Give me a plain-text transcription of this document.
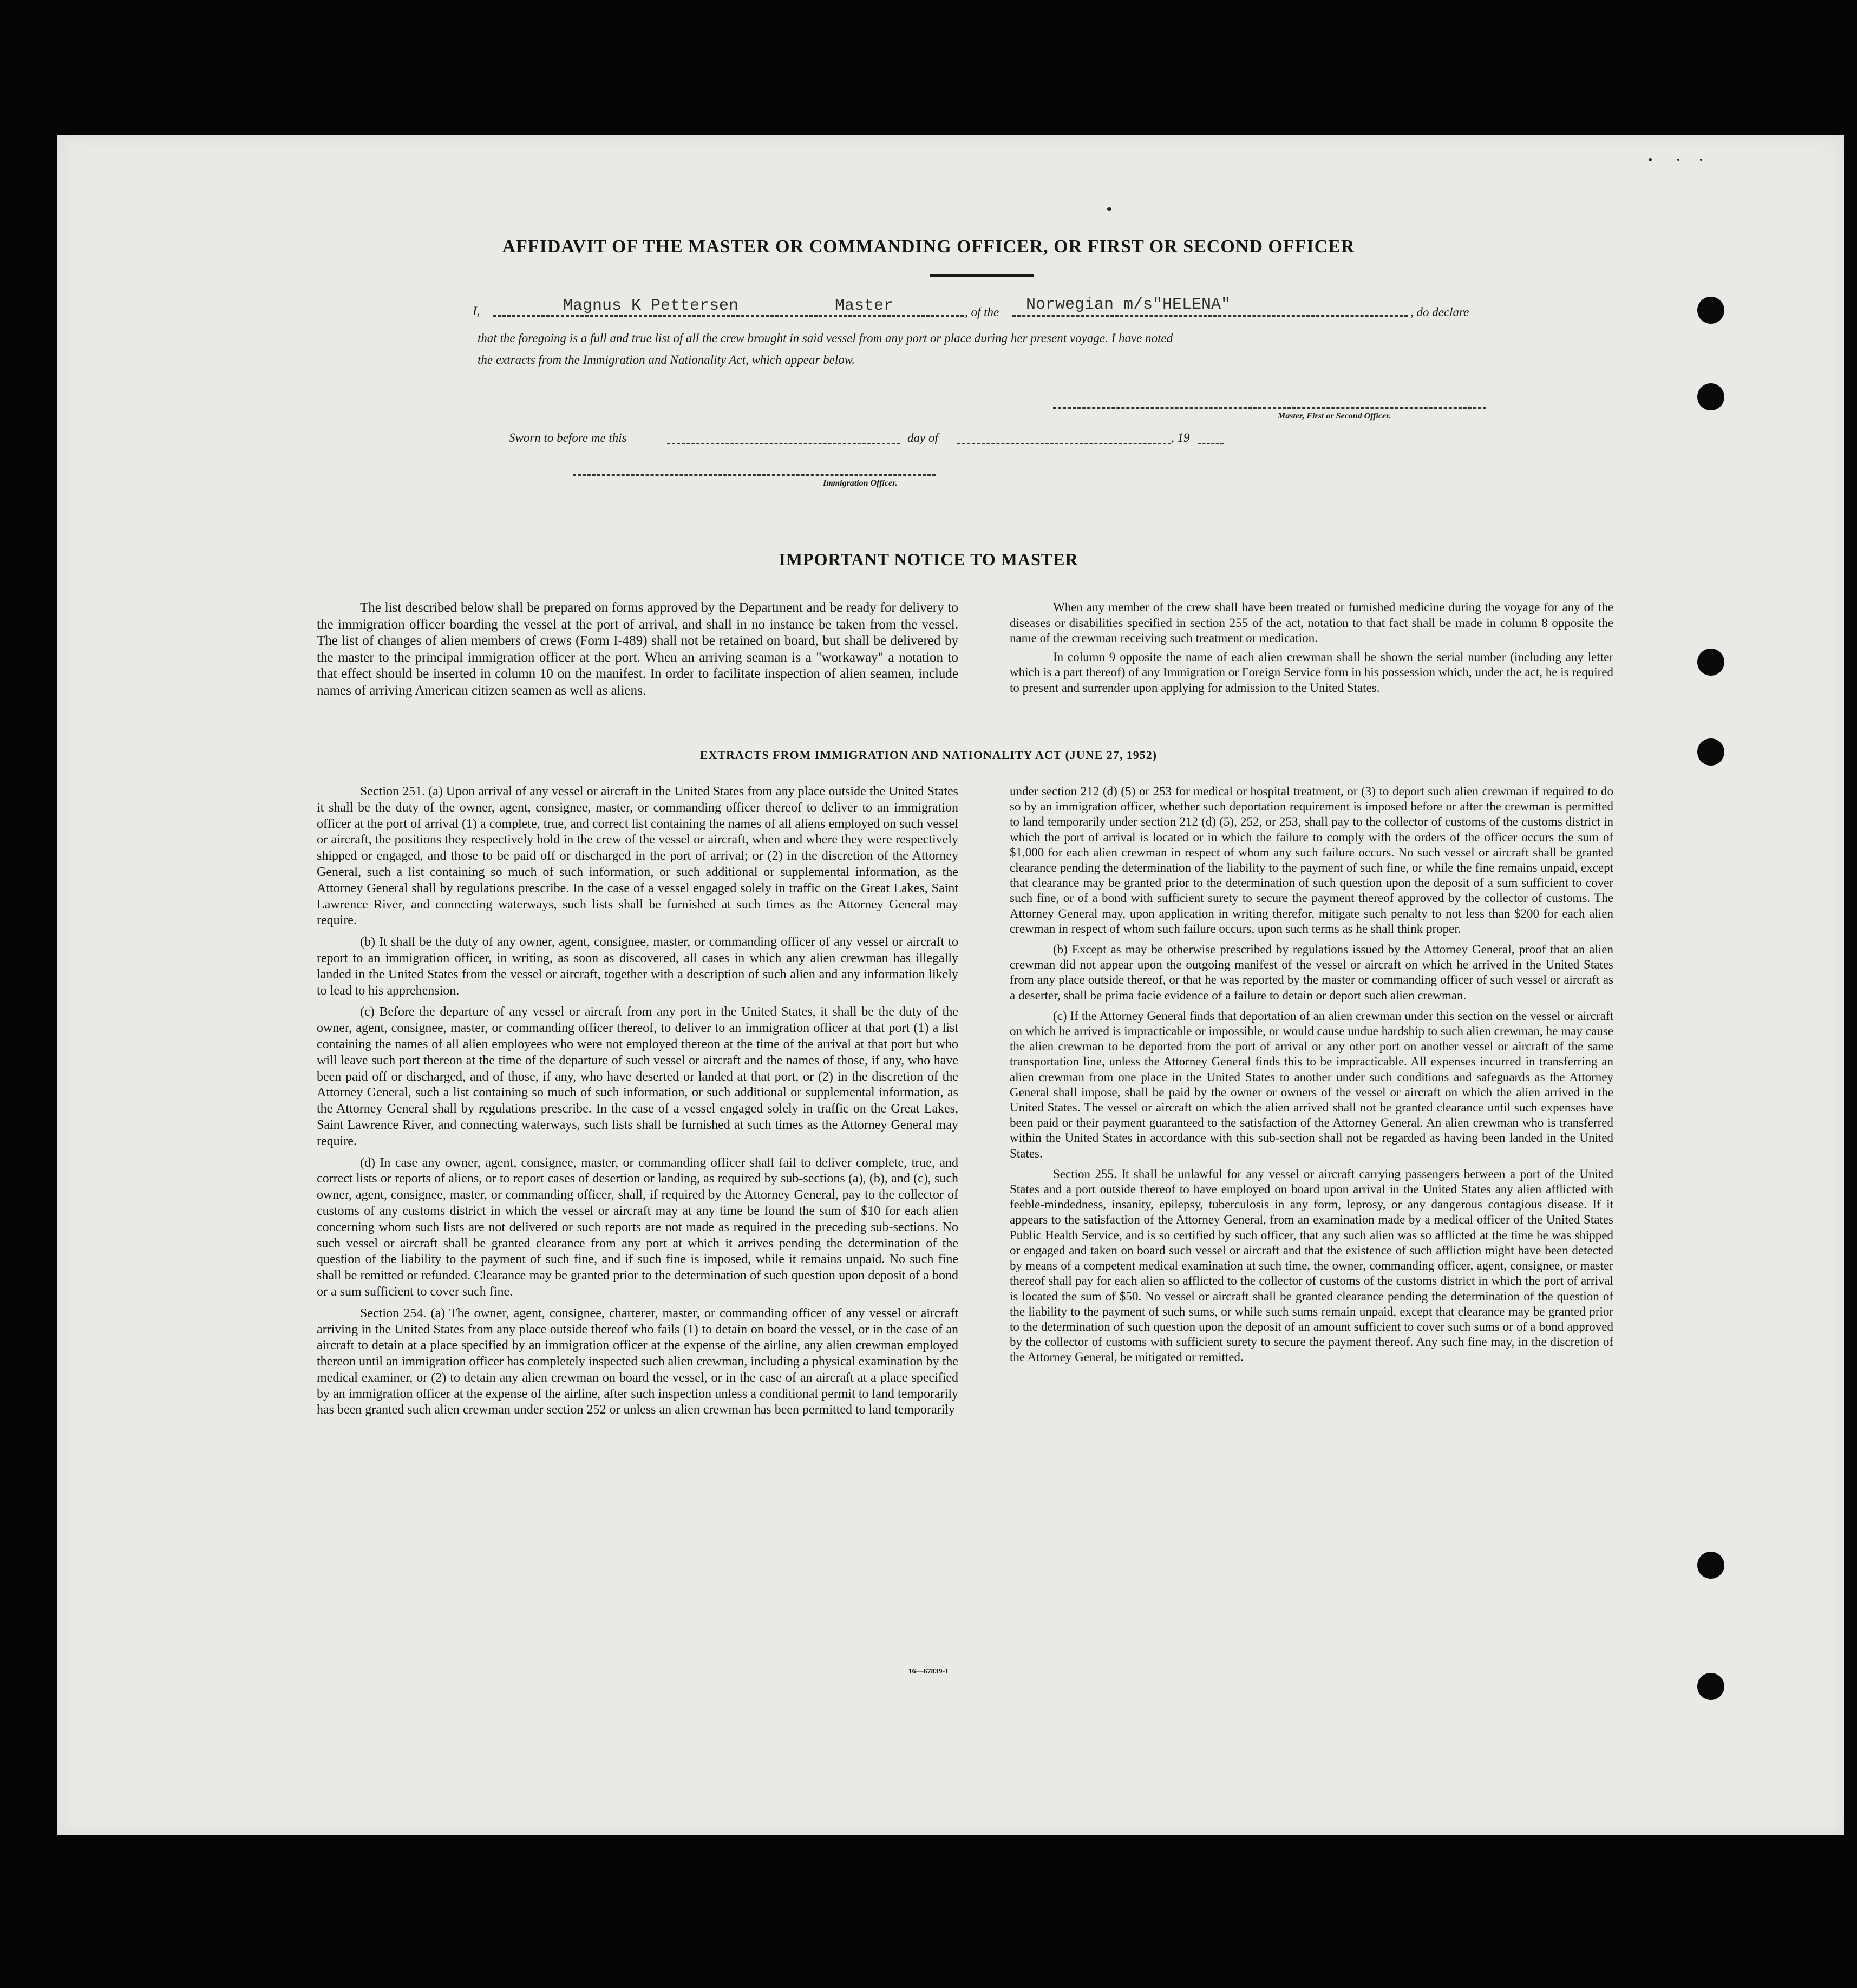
AFFIDAVIT OF THE MASTER OR COMMANDING OFFICER, OR FIRST OR SECOND OFFICER
I,	Magnus K Pettersen	Master	, of the Norwegian m/s"HELENA"	, do declare
that the foregoing is a full and true list of all the crew brought in said vessel from any port or place during her present voyage. I have noted
the extracts from the Immigration and Nationality Act, which appear below.
Master, First or Second Officer.
Sworn to before me this	day of	, 19
Immigration Officer.
IMPORTANT NOTICE TO MASTER

The list described below shall be prepared on forms approved by the Department and be ready for delivery to the immigration officer boarding the vessel at the port of arrival, and shall in no instance be taken from the vessel. The list of changes of alien members of crews (Form I-489) shall not be retained on board, but shall be delivered by the master to the principal immigration officer at the port. When an arriving seaman is a "workaway" a notation to that effect should be inserted in column 10 on the manifest. In order to facilitate inspection of alien seamen, include names of arriving American citizen seamen as well as aliens.

When any member of the crew shall have been treated or furnished medicine during the voyage for any of the diseases or disabilities specified in section 255 of the act, notation to that fact shall be made in column 8 opposite the name of the crewman receiving such treatment or medication.

In column 9 opposite the name of each alien crewman shall be shown the serial number (including any letter which is a part thereof) of any Immigration or Foreign Service form in his possession which, under the act, he is required to present and surrender upon applying for admission to the United States.

EXTRACTS FROM IMMIGRATION AND NATIONALITY ACT (JUNE 27, 1952)

Section 251. (a) Upon arrival of any vessel or aircraft in the United States from any place outside the United States it shall be the duty of the owner, agent, consignee, master, or commanding officer thereof to deliver to an immigration officer at the port of arrival (1) a complete, true, and correct list containing the names of all aliens employed on such vessel or aircraft, the positions they respectively hold in the crew of the vessel or aircraft, when and where they were respectively shipped or engaged, and those to be paid off or discharged in the port of arrival; or (2) in the discretion of the Attorney General, such a list containing so much of such information, or such additional or supplemental information, as the Attorney General shall by regulations prescribe. In the case of a vessel engaged solely in traffic on the Great Lakes, Saint Lawrence River, and connecting waterways, such lists shall be furnished at such times as the Attorney General may require.

(b) It shall be the duty of any owner, agent, consignee, master, or commanding officer of any vessel or aircraft to report to an immigration officer, in writing, as soon as discovered, all cases in which any alien crewman has illegally landed in the United States from the vessel or aircraft, together with a description of such alien and any information likely to lead to his apprehension.

(c) Before the departure of any vessel or aircraft from any port in the United States, it shall be the duty of the owner, agent, consignee, master, or commanding officer thereof, to deliver to an immigration officer at that port (1) a list containing the names of all alien employees who were not employed thereon at the time of the arrival at that port but who will leave such port thereon at the time of the departure of such vessel or aircraft and the names of those, if any, who have been paid off or discharged, and of those, if any, who have deserted or landed at that port, or (2) in the discretion of the Attorney General, such a list containing so much of such information, or such additional or supplemental information, as the Attorney General shall by regulations prescribe. In the case of a vessel engaged solely in traffic on the Great Lakes, Saint Lawrence River, and connecting waterways, such lists shall be furnished at such times as the Attorney General may require.

(d) In case any owner, agent, consignee, master, or commanding officer shall fail to deliver complete, true, and correct lists or reports of aliens, or to report cases of desertion or landing, as required by sub-sections (a), (b), and (c), such owner, agent, consignee, master, or commanding officer, shall, if required by the Attorney General, pay to the collector of customs of any customs district in which the vessel or aircraft may at any time be found the sum of $10 for each alien concerning whom such lists are not delivered or such reports are not made as required in the preceding sub-sections. No such vessel or aircraft shall be granted clearance from any port at which it arrives pending the determination of the question of the liability to the payment of such fine, and if such fine is imposed, while it remains unpaid. No such fine shall be remitted or refunded. Clearance may be granted prior to the determination of such question upon deposit of a bond or a sum sufficient to cover such fine.

Section 254. (a) The owner, agent, consignee, charterer, master, or commanding officer of any vessel or aircraft arriving in the United States from any place outside thereof who fails (1) to detain on board the vessel, or in the case of an aircraft to detain at a place specified by an immigration officer at the expense of the airline, any alien crewman employed thereon until an immigration officer has completely inspected such alien crewman, including a physical examination by the medical examiner, or (2) to detain any alien crewman on board the vessel, or in the case of an aircraft at a place specified by an immigration officer at the expense of the airline, after such inspection unless a conditional permit to land temporarily has been granted such alien crewman under section 252 or unless an alien crewman has been permitted to land temporarily

under section 212 (d) (5) or 253 for medical or hospital treatment, or (3) to deport such alien crewman if required to do so by an immigration officer, whether such deportation requirement is imposed before or after the crewman is permitted to land temporarily under section 212 (d) (5), 252, or 253, shall pay to the collector of customs of the customs district in which the port of arrival is located or in which the failure to comply with the orders of the officer occurs the sum of $1,000 for each alien crewman in respect of whom any such failure occurs. No such vessel or aircraft shall be granted clearance pending the determination of the liability to the payment of such fine, or while the fine remains unpaid, except that clearance may be granted prior to the determination of such question upon the deposit of a sum sufficient to cover such fine, or of a bond with sufficient surety to secure the payment thereof approved by the collector of customs. The Attorney General may, upon application in writing therefor, mitigate such penalty to not less than $200 for each alien crewman in respect of whom such failure occurs, upon such terms as he shall think proper.

(b) Except as may be otherwise prescribed by regulations issued by the Attorney General, proof that an alien crewman did not appear upon the outgoing manifest of the vessel or aircraft on which he arrived in the United States from any place outside thereof, or that he was reported by the master or commanding officer of such vessel or aircraft as a deserter, shall be prima facie evidence of a failure to detain or deport such alien crewman.

(c) If the Attorney General finds that deportation of an alien crewman under this section on the vessel or aircraft on which he arrived is impracticable or impossible, or would cause undue hardship to such alien crewman, he may cause the alien crewman to be deported from the port of arrival or any other port on another vessel or aircraft of the same transportation line, unless the Attorney General finds this to be impracticable. All expenses incurred in transferring an alien crewman from one place in the United States to another under such conditions and safeguards as the Attorney General shall impose, shall be paid by the owner or owners of the vessel or aircraft on which the alien arrived in the United States. The vessel or aircraft on which the alien arrived shall not be granted clearance until such expenses have been paid or their payment guaranteed to the satisfaction of the Attorney General. An alien crewman who is transferred within the United States in accordance with this sub-section shall not be regarded as having been landed in the United States.

Section 255. It shall be unlawful for any vessel or aircraft carrying passengers between a port of the United States and a port outside thereof to have employed on board upon arrival in the United States any alien afflicted with feeble-mindedness, insanity, epilepsy, tuberculosis in any form, leprosy, or any dangerous contagious disease. If it appears to the satisfaction of the Attorney General, from an examination made by a medical officer of the United States Public Health Service, and is so certified by such officer, that any such alien was so afflicted at the time he was shipped or engaged and taken on board such vessel or aircraft and that the existence of such affliction might have been detected by means of a competent medical examination at such time, the owner, commanding officer, agent, consignee, or master thereof shall pay for each alien so afflicted to the collector of customs of the customs district in which the port of arrival is located the sum of $50. No vessel or aircraft shall be granted clearance pending the determination of the question of the liability to the payment of such sums, or while such sums remain unpaid, except that clearance may be granted prior to the determination of such question upon the deposit of an amount sufficient to cover such sums or of a bond approved by the collector of customs with sufficient surety to secure the payment thereof. Any such fine may, in the discretion of the Attorney General, be mitigated or remitted.

16—67839-1
